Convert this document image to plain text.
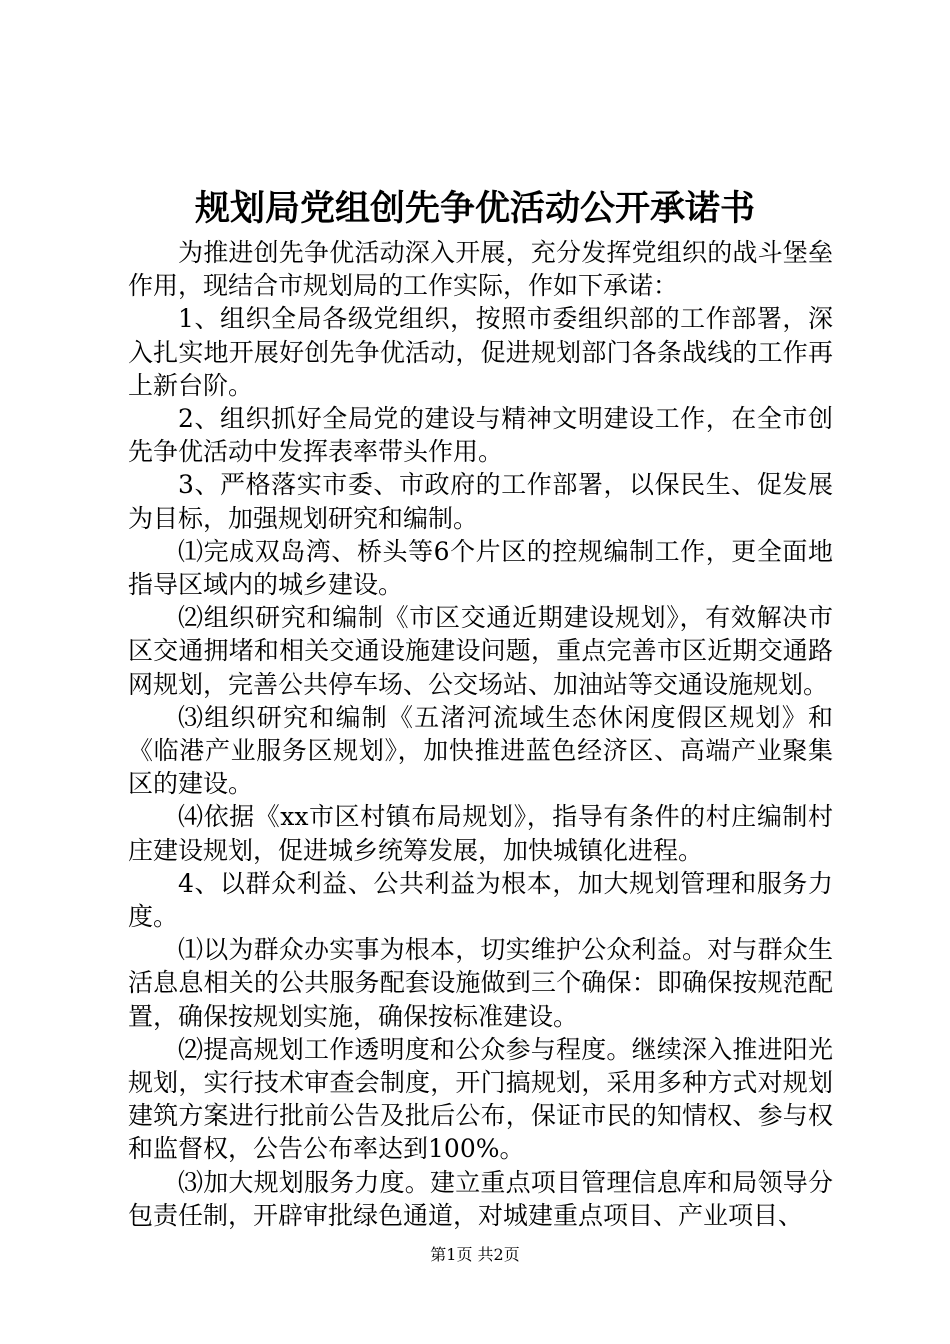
规划局党组创先争优活动公开承诺书

为推进创先争优活动深入开展，充分发挥党组织的战斗堡垒作用，现结合市规划局的工作实际，作如下承诺：

1、组织全局各级党组织，按照市委组织部的工作部署，深入扎实地开展好创先争优活动，促进规划部门各条战线的工作再上新台阶。

2、组织抓好全局党的建设与精神文明建设工作，在全市创先争优活动中发挥表率带头作用。

3、严格落实市委、市政府的工作部署，以保民生、促发展为目标，加强规划研究和编制。

⑴完成双岛湾、桥头等6个片区的控规编制工作，更全面地指导区域内的城乡建设。

⑵组织研究和编制《市区交通近期建设规划》，有效解决市区交通拥堵和相关交通设施建设问题，重点完善市区近期交通路网规划，完善公共停车场、公交场站、加油站等交通设施规划。

⑶组织研究和编制《五渚河流域生态休闲度假区规划》和《临港产业服务区规划》，加快推进蓝色经济区、高端产业聚集区的建设。

⑷依据《xx市区村镇布局规划》，指导有条件的村庄编制村庄建设规划，促进城乡统筹发展，加快城镇化进程。

4、以群众利益、公共利益为根本，加大规划管理和服务力度。

⑴以为群众办实事为根本，切实维护公众利益。对与群众生活息息相关的公共服务配套设施做到三个确保：即确保按规范配置，确保按规划实施，确保按标准建设。

⑵提高规划工作透明度和公众参与程度。继续深入推进阳光规划，实行技术审查会制度，开门搞规划，采用多种方式对规划建筑方案进行批前公告及批后公布，保证市民的知情权、参与权和监督权，公告公布率达到100%。

⑶加大规划服务力度。建立重点项目管理信息库和局领导分包责任制，开辟审批绿色通道，对城建重点项目、产业项目、

第1页 共2页
